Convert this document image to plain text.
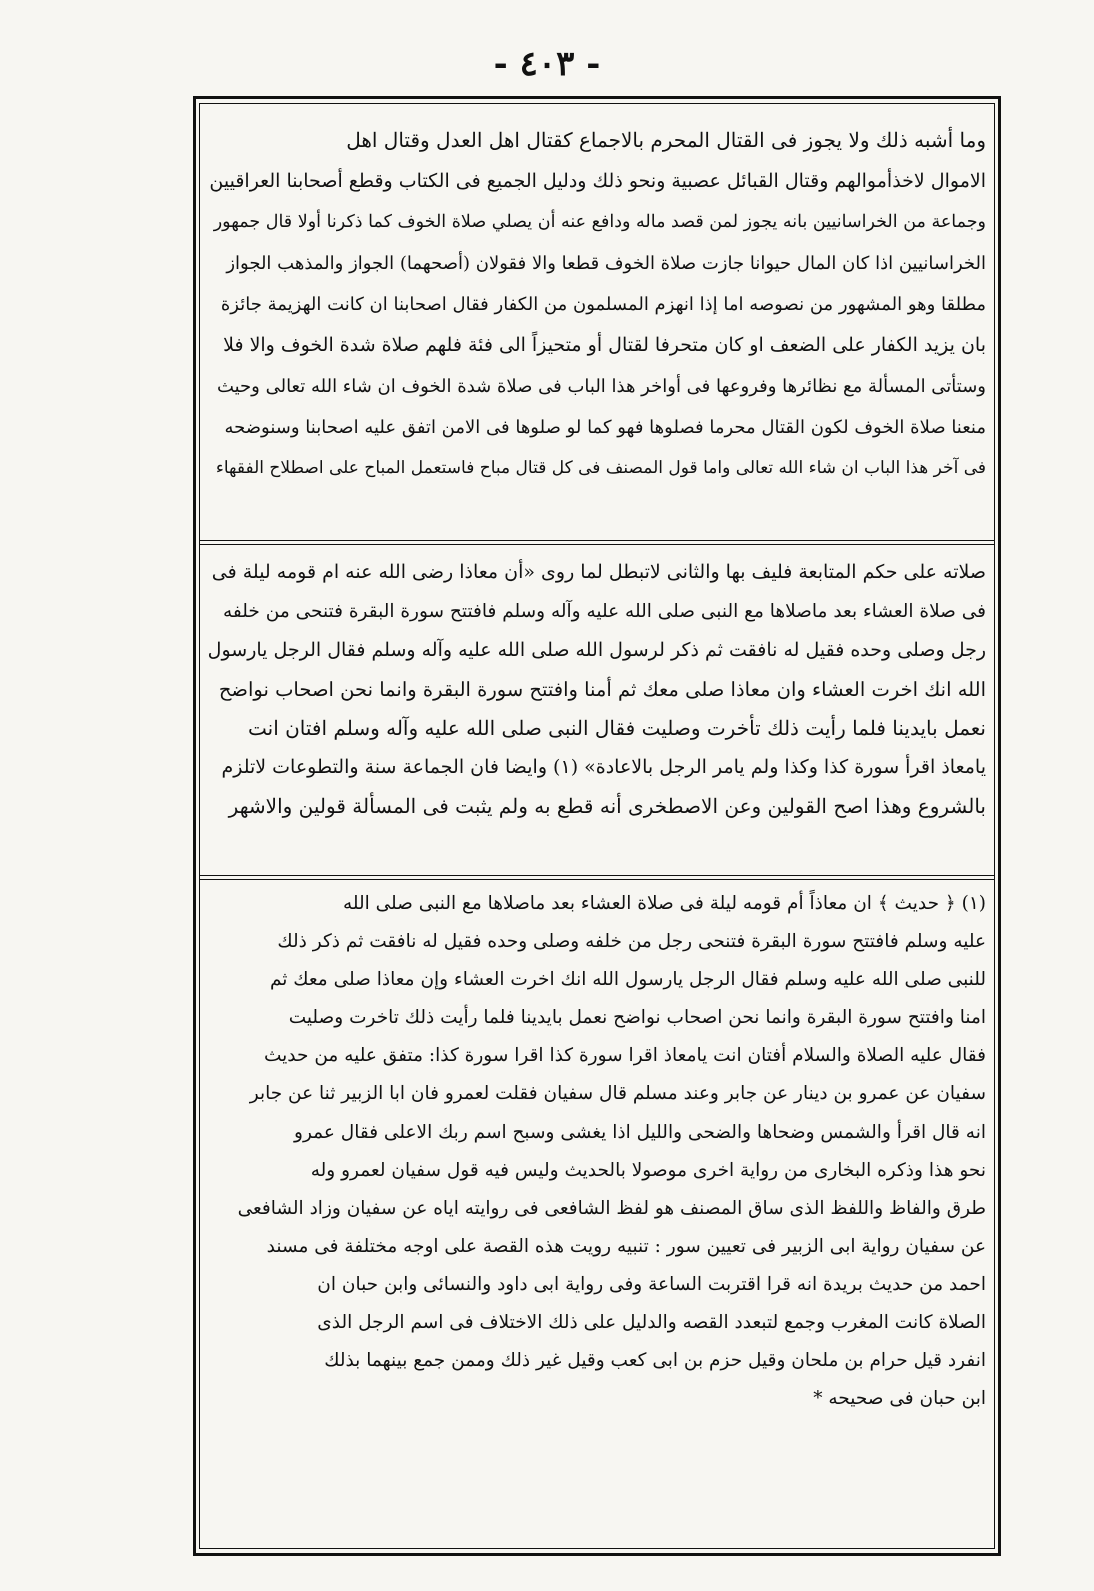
- ٤٠٣ -
وما أشبه ذلك ولا يجوز فى القتال المحرم بالاجماع كقتال اهل العدل وقتال اهل
الاموال لاخذأموالهم وقتال القبائل عصبية ونحو ذلك ودليل الجميع فى الكتاب وقطع أصحابنا العراقيين
وجماعة من الخراسانيين بانه يجوز لمن قصد ماله ودافع عنه أن يصلي صلاة الخوف كما ذكرنا أولا قال جمهور
الخراسانيين اذا كان المال حيوانا جازت صلاة الخوف قطعا والا فقولان (أصحهما) الجواز والمذهب الجواز
مطلقا وهو المشهور من نصوصه اما إذا انهزم المسلمون من الكفار فقال اصحابنا ان كانت الهزيمة جائزة
بان يزيد الكفار على الضعف او كان متحرفا لقتال أو متحيزاً الى فئة فلهم صلاة شدة الخوف والا فلا
وستأتى المسألة مع نظائرها وفروعها فى أواخر هذا الباب فى صلاة شدة الخوف ان شاء الله تعالى وحيث
منعنا صلاة الخوف لكون القتال محرما فصلوها فهو كما لو صلوها فى الامن اتفق عليه اصحابنا وسنوضحه
فى آخر هذا الباب ان شاء الله تعالى واما قول المصنف فى كل قتال مباح فاستعمل المباح على اصطلاح الفقهاء
صلاته على حكم المتابعة فليف بها والثانى لاتبطل لما روى «أن معاذا رضى الله عنه ام قومه ليلة فى
فى صلاة العشاء بعد ماصلاها مع النبى صلى الله عليه وآله وسلم فافتتح سورة البقرة فتنحى من خلفه
رجل وصلى وحده فقيل له نافقت ثم ذكر لرسول الله صلى الله عليه وآله وسلم فقال الرجل يارسول
الله انك اخرت العشاء وان معاذا صلى معك ثم أمنا وافتتح سورة البقرة وانما نحن اصحاب نواضح
نعمل بايدينا فلما رأيت ذلك تأخرت وصليت فقال النبى صلى الله عليه وآله وسلم افتان انت
يامعاذ اقرأ سورة كذا وكذا ولم يامر الرجل بالاعادة» (١) وايضا فان الجماعة سنة والتطوعات لاتلزم
بالشروع وهذا اصح القولين وعن الاصطخرى أنه قطع به ولم يثبت فى المسألة قولين والاشهر
(١) ﴿ حديث ﴾ ان معاذاً أم قومه ليلة فى صلاة العشاء بعد ماصلاها مع النبى صلى الله
عليه وسلم فافتتح سورة البقرة فتنحى رجل من خلفه وصلى وحده فقيل له نافقت ثم ذكر ذلك
للنبى صلى الله عليه وسلم فقال الرجل يارسول الله انك اخرت العشاء وإن معاذا صلى معك ثم
امنا وافتتح سورة البقرة وانما نحن اصحاب نواضح نعمل بايدينا فلما رأيت ذلك تاخرت وصليت
فقال عليه الصلاة والسلام أفتان انت يامعاذ اقرا سورة كذا اقرا سورة كذا: متفق عليه من حديث
سفيان عن عمرو بن دينار عن جابر وعند مسلم قال سفيان فقلت لعمرو فان ابا الزبير ثنا عن جابر
انه قال اقرأ والشمس وضحاها والضحى والليل اذا يغشى وسبح اسم ربك الاعلى فقال عمرو
نحو هذا وذكره البخارى من رواية اخرى موصولا بالحديث وليس فيه قول سفيان لعمرو وله
طرق والفاظ واللفظ الذى ساق المصنف هو لفظ الشافعى فى روايته اياه عن سفيان وزاد الشافعى
عن سفيان رواية ابى الزبير فى تعيين سور : تنبيه رويت هذه القصة على اوجه مختلفة فى مسند
احمد من حديث بريدة انه قرا اقتربت الساعة وفى رواية ابى داود والنسائى وابن حبان ان
الصلاة كانت المغرب وجمع لتبعدد القصه والدليل على ذلك الاختلاف فى اسم الرجل الذى
انفرد قيل حرام بن ملحان وقيل حزم بن ابى كعب وقيل غير ذلك وممن جمع بينهما بذلك
ابن حبان فى صحيحه *
